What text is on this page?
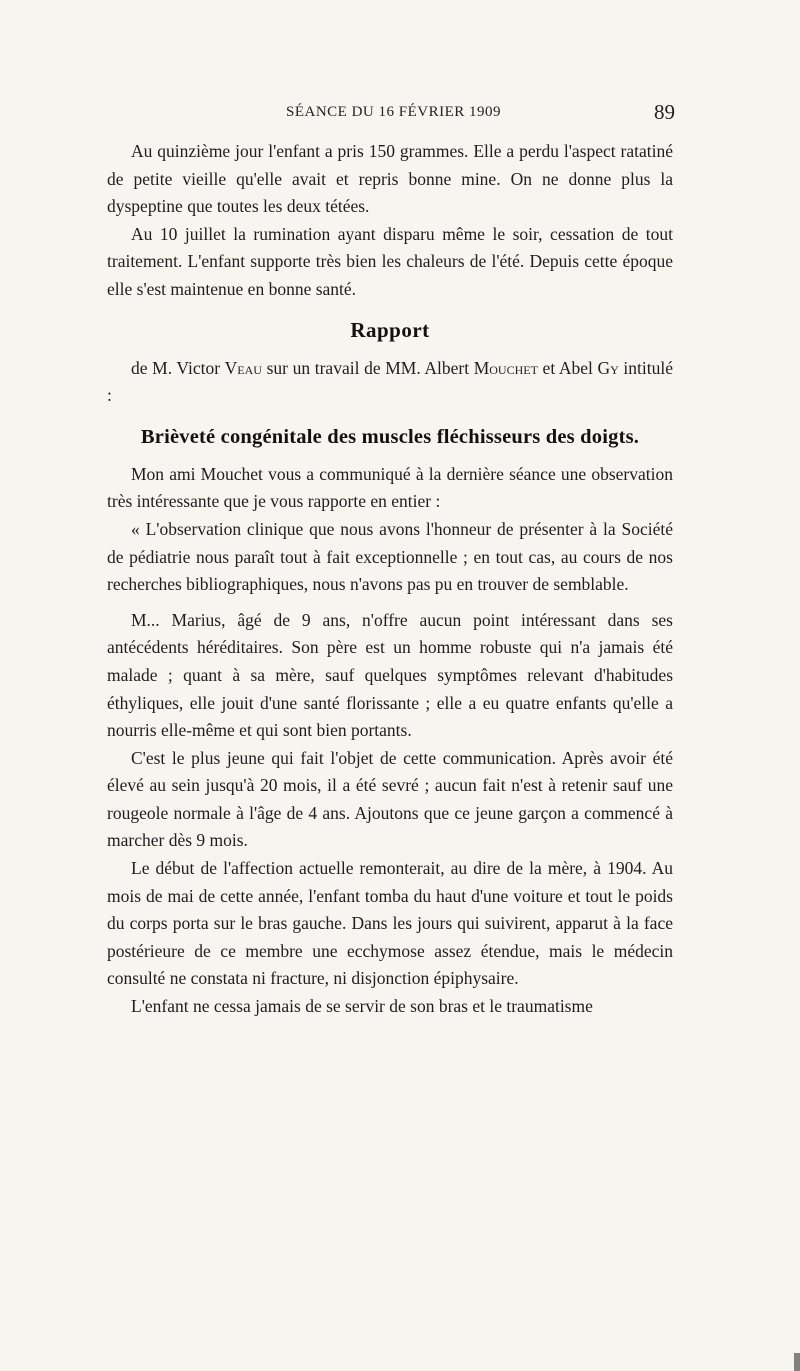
SÉANCE DU 16 FÉVRIER 1909	89

Au quinzième jour l'enfant a pris 150 grammes. Elle a perdu l'aspect ratatiné de petite vieille qu'elle avait et repris bonne mine. On ne donne plus la dyspeptine que toutes les deux tétées.

Au 10 juillet la rumination ayant disparu même le soir, cessation de tout traitement. L'enfant supporte très bien les chaleurs de l'été. Depuis cette époque elle s'est maintenue en bonne santé.

Rapport

de M. Victor Veau sur un travail de MM. Albert Mouchet et Abel Gy intitulé :

Brièveté congénitale des muscles fléchisseurs des doigts.

Mon ami Mouchet vous a communiqué à la dernière séance une observation très intéressante que je vous rapporte en entier :

« L'observation clinique que nous avons l'honneur de présenter à la Société de pédiatrie nous paraît tout à fait exceptionnelle ; en tout cas, au cours de nos recherches bibliographiques, nous n'avons pas pu en trouver de semblable.

M... Marius, âgé de 9 ans, n'offre aucun point intéressant dans ses antécédents héréditaires. Son père est un homme robuste qui n'a jamais été malade ; quant à sa mère, sauf quelques symptômes relevant d'habitudes éthyliques, elle jouit d'une santé florissante ; elle a eu quatre enfants qu'elle a nourris elle-même et qui sont bien portants.

C'est le plus jeune qui fait l'objet de cette communication. Après avoir été élevé au sein jusqu'à 20 mois, il a été sevré ; aucun fait n'est à retenir sauf une rougeole normale à l'âge de 4 ans. Ajoutons que ce jeune garçon a commencé à marcher dès 9 mois.

Le début de l'affection actuelle remonterait, au dire de la mère, à 1904. Au mois de mai de cette année, l'enfant tomba du haut d'une voiture et tout le poids du corps porta sur le bras gauche. Dans les jours qui suivirent, apparut à la face postérieure de ce membre une ecchymose assez étendue, mais le médecin consulté ne constata ni fracture, ni disjonction épiphysaire.

L'enfant ne cessa jamais de se servir de son bras et le traumatisme
